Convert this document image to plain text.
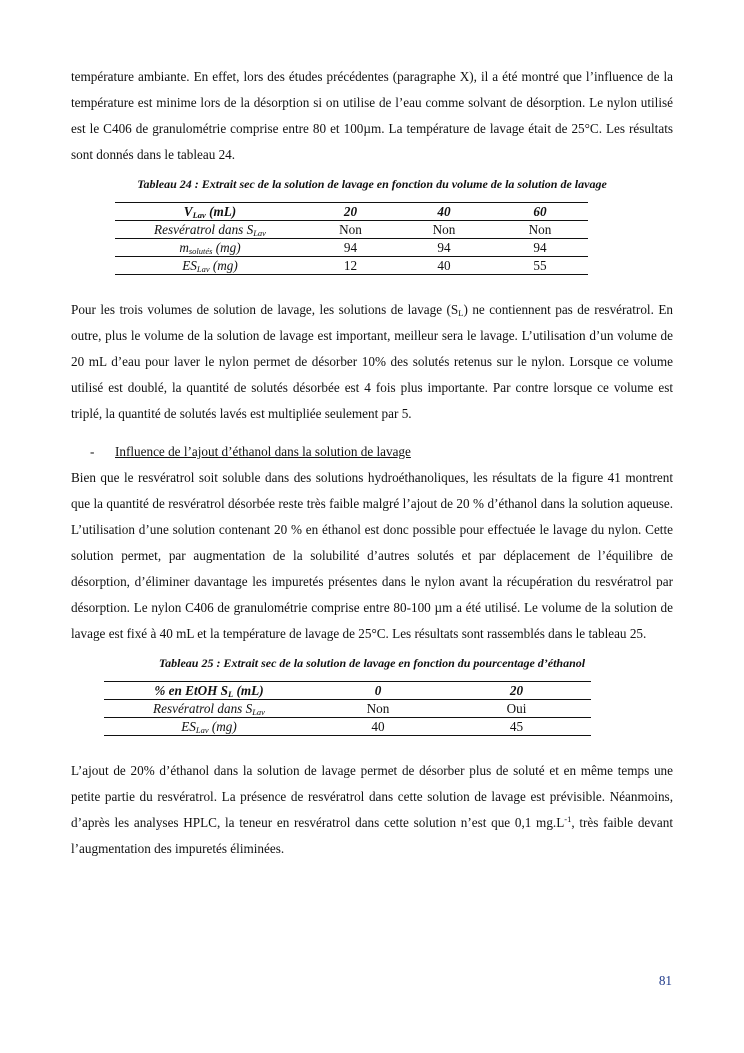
température ambiante. En effet, lors des études précédentes (paragraphe X), il a été montré que l’influence de la température est minime lors de la désorption si on utilise de l’eau comme solvant de désorption. Le nylon utilisé est le C406 de granulométrie comprise entre 80 et 100µm. La température de lavage était de 25°C. Les résultats sont donnés dans le tableau 24.

Tableau 24 : Extrait sec de la solution de lavage en fonction du volume de la solution de lavage
$V_{Lav}$ (mL)	20	40	60
Resvératrol dans $S_{Lav}$	Non	Non	Non
$m_{solutés}$ (mg)	94	94	94
$ES_{Lav}$ (mg)	12	40	55

Pour les trois volumes de solution de lavage, les solutions de lavage $(S_L)$ ne contiennent pas de resvératrol. En outre, plus le volume de la solution de lavage est important, meilleur sera le lavage. L’utilisation d’un volume de 20 mL d’eau pour laver le nylon permet de désorber 10% des solutés retenus sur le nylon. Lorsque ce volume utilisé est doublé, la quantité de solutés désorbée est 4 fois plus importante. Par contre lorsque ce volume est triplé, la quantité de solutés lavés est multipliée seulement par 5.

- Influence de l’ajout d’éthanol dans la solution de lavage

Bien que le resvératrol soit soluble dans des solutions hydroéthanoliques, les résultats de la figure 41 montrent que la quantité de resvératrol désorbée reste très faible malgré l’ajout de 20 % d’éthanol dans la solution aqueuse. L’utilisation d’une solution contenant 20 % en éthanol est donc possible pour effectuée le lavage du nylon. Cette solution permet, par augmentation de la solubilité d’autres solutés et par déplacement de l’équilibre de désorption, d’éliminer davantage les impuretés présentes dans le nylon avant la récupération du resvératrol par désorption. Le nylon C406 de granulométrie comprise entre 80-100 µm a été utilisé. Le volume de la solution de lavage est fixé à 40 mL et la température de lavage de 25°C. Les résultats sont rassemblés dans le tableau 25.

Tableau 25 : Extrait sec de la solution de lavage en fonction du pourcentage d’éthanol
% en EtOH $S_L$ (mL)	0	20
Resvératrol dans $S_{Lav}$	Non	Oui
$ES_{Lav}$ (mg)	40	45

L’ajout de 20% d’éthanol dans la solution de lavage permet de désorber plus de soluté et en même temps une petite partie du resvératrol. La présence de resvératrol dans cette solution de lavage est prévisible. Néanmoins, d’après les analyses HPLC, la teneur en resvératrol dans cette solution n’est que 0,1 $mg.L^{-1}$, très faible devant l’augmentation des impuretés éliminées.

81
